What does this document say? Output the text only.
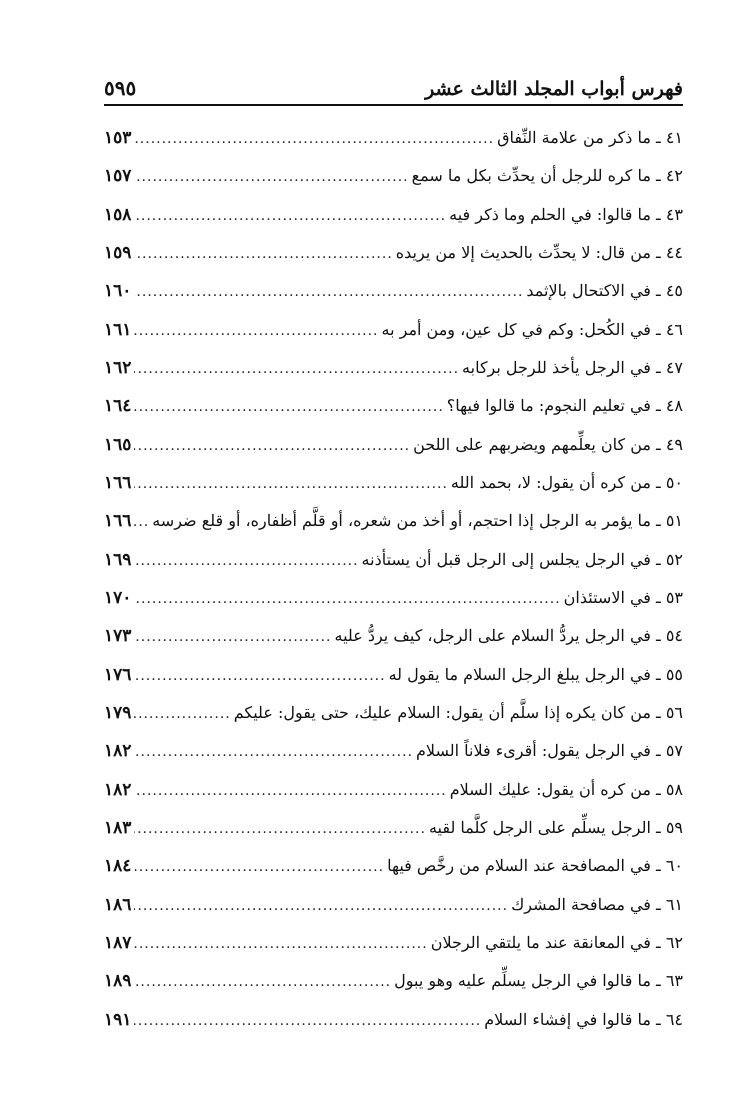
فهرس أبواب المجلد الثالث عشر
٥٩٥
٤١ ـ ما ذكر من علامة النِّفاق
.....
١٥٣
٤٢ ـ ما كره للرجل أن يحدِّث بكل ما سمع
.....
١٥٧
٤٣ ـ ما قالوا: في الحلم وما ذكر فيه
.....
١٥٨
٤٤ ـ من قال: لا يحدِّث بالحديث إلا من يريده
.....
١٥٩
٤٥ ـ في الاكتحال بالإثمد
.....
١٦٠
٤٦ ـ في الكُحل: وكم في كل عين، ومن أمر به
.....
١٦١
٤٧ ـ في الرجل يأخذ للرجل بركابه
.....
١٦٢
٤٨ ـ في تعليم النجوم: ما قالوا فيها؟
.....
١٦٤
٤٩ ـ من كان يعلِّمهم ويضربهم على اللحن
.....
١٦٥
٥٠ ـ من كره أن يقول: لا، بحمد الله
.....
١٦٦
٥١ ـ ما يؤمر به الرجل إذا احتجم، أو أخذ من شعره، أو قلَّم أظفاره، أو قلع ضرسه
.....
١٦٦
٥٢ ـ في الرجل يجلس إلى الرجل قبل أن يستأذنه
.....
١٦٩
٥٣ ـ في الاستئذان
.....
١٧٠
٥٤ ـ في الرجل يردُّ السلام على الرجل، كيف يردُّ عليه
.....
١٧٣
٥٥ ـ في الرجل يبلغ الرجل السلام ما يقول له
.....
١٧٦
٥٦ ـ من كان يكره إذا سلَّم أن يقول: السلام عليك، حتى يقول: عليكم
.....
١٧٩
٥٧ ـ في الرجل يقول: أقرىء فلاناً السلام
.....
١٨٢
٥٨ ـ من كره أن يقول: عليك السلام
.....
١٨٢
٥٩ ـ الرجل يسلِّم على الرجل كلَّما لقيه
.....
١٨٣
٦٠ ـ في المصافحة عند السلام من رخَّص فيها
.....
١٨٤
٦١ ـ في مصافحة المشرك
.....
١٨٦
٦٢ ـ في المعانقة عند ما يلتقي الرجلان
.....
١٨٧
٦٣ ـ ما قالوا في الرجل يسلِّم عليه وهو يبول
.....
١٨٩
٦٤ ـ ما قالوا في إفشاء السلام
.....
١٩١
